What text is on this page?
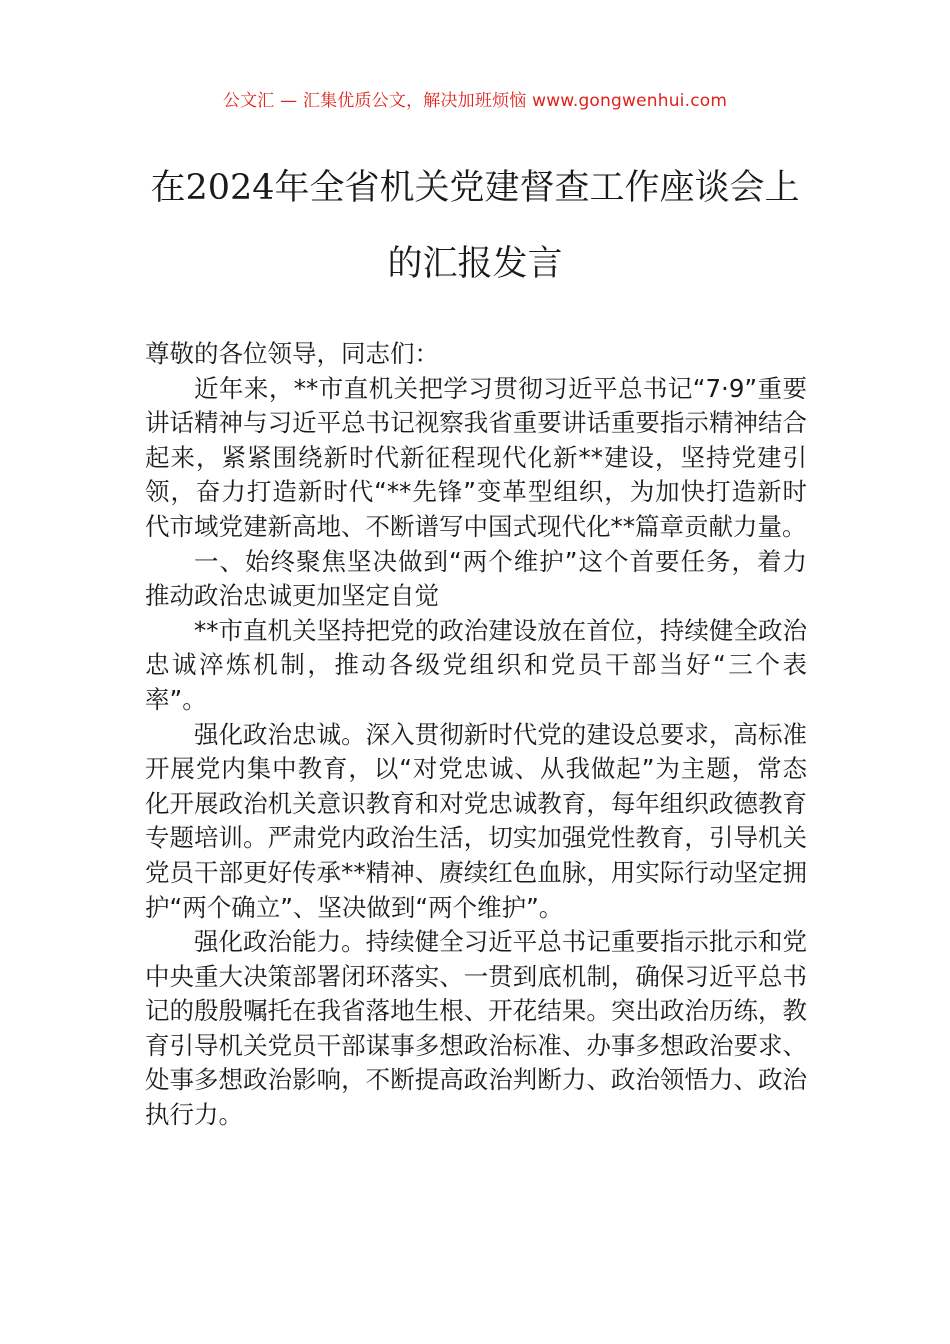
公文汇 — 汇集优质公文，解决加班烦恼 www.gongwenhui.com
在2024年全省机关党建督查工作座谈会上
的汇报发言

尊敬的各位领导，同志们：

近年来，**市直机关把学习贯彻习近平总书记“7·9”重要讲话精神与习近平总书记视察我省重要讲话重要指示精神结合起来，紧紧围绕新时代新征程现代化新**建设，坚持党建引领，奋力打造新时代“**先锋”变革型组织，为加快打造新时代市域党建新高地、不断谱写中国式现代化**篇章贡献力量。

一、始终聚焦坚决做到“两个维护”这个首要任务，着力推动政治忠诚更加坚定自觉

**市直机关坚持把党的政治建设放在首位，持续健全政治忠诚淬炼机制，推动各级党组织和党员干部当好“三个表率”。

强化政治忠诚。深入贯彻新时代党的建设总要求，高标准开展党内集中教育，以“对党忠诚、从我做起”为主题，常态化开展政治机关意识教育和对党忠诚教育，每年组织政德教育专题培训。严肃党内政治生活，切实加强党性教育，引导机关党员干部更好传承**精神、赓续红色血脉，用实际行动坚定拥护“两个确立”、坚决做到“两个维护”。

强化政治能力。持续健全习近平总书记重要指示批示和党中央重大决策部署闭环落实、一贯到底机制，确保习近平总书记的殷殷嘱托在我省落地生根、开花结果。突出政治历练，教育引导机关党员干部谋事多想政治标准、办事多想政治要求、处事多想政治影响，不断提高政治判断力、政治领悟力、政治执行力。
